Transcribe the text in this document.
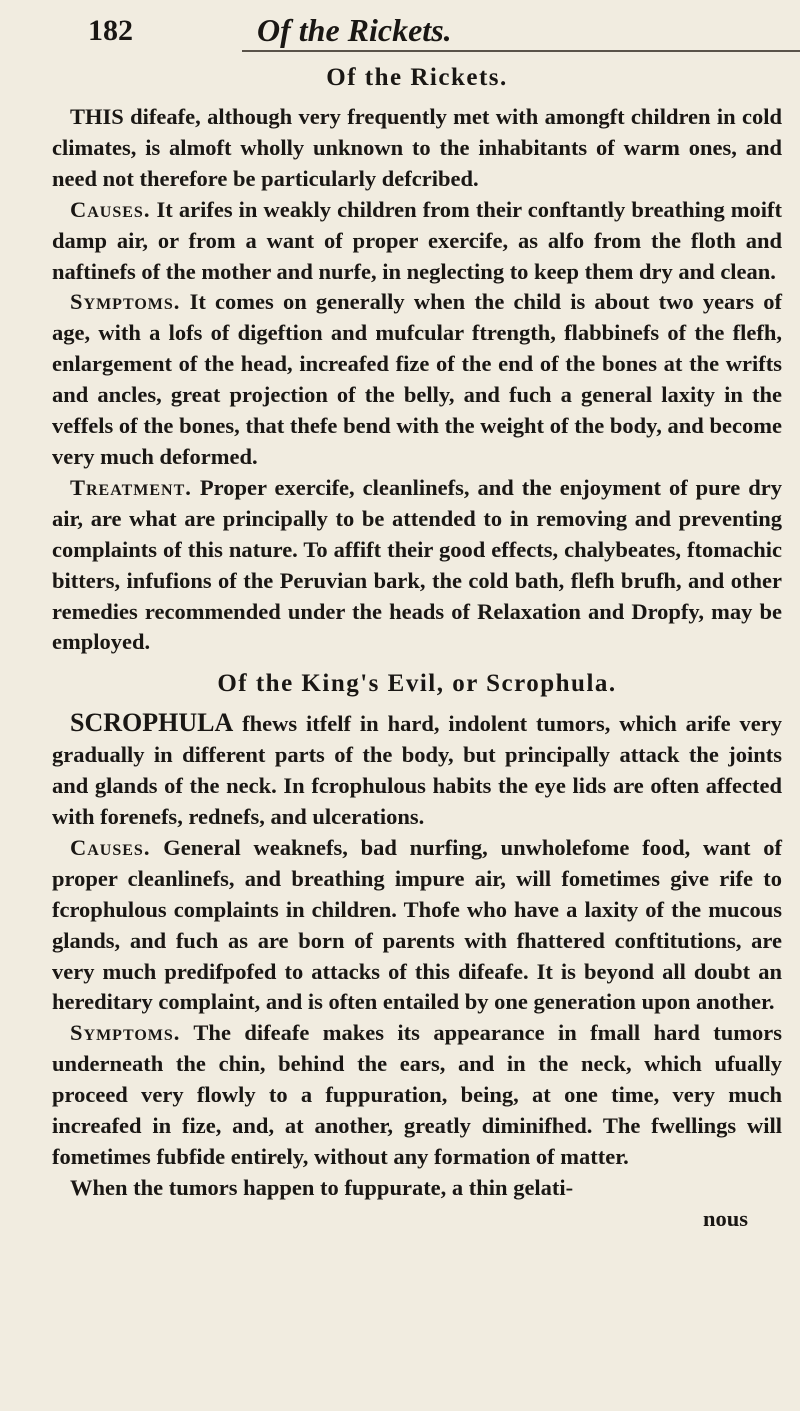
182	Of the Rickets.
Of the Rickets.

THIS difeafe, although very frequently met with amongft children in cold climates, is almoft wholly unknown to the inhabitants of warm ones, and need not therefore be particularly defcribed.

Causes. It arifes in weakly children from their conftantly breathing moift damp air, or from a want of proper exercife, as alfo from the floth and naftinefs of the mother and nurfe, in neglecting to keep them dry and clean.

Symptoms. It comes on generally when the child is about two years of age, with a lofs of digeftion and mufcular ftrength, flabbinefs of the flefh, enlargement of the head, increafed fize of the end of the bones at the wrifts and ancles, great projection of the belly, and fuch a general laxity in the veffels of the bones, that thefe bend with the weight of the body, and become very much deformed.

Treatment. Proper exercife, cleanlinefs, and the enjoyment of pure dry air, are what are principally to be attended to in removing and preventing complaints of this nature. To affift their good effects, chalybeates, ftomachic bitters, infufions of the Peruvian bark, the cold bath, flefh brufh, and other remedies recommended under the heads of Relaxation and Dropfy, may be employed.

Of the King's Evil, or Scrophula.

SCROPHULA fhews itfelf in hard, indolent tumors, which arife very gradually in different parts of the body, but principally attack the joints and glands of the neck. In fcrophulous habits the eye lids are often affected with forenefs, rednefs, and ulcerations.

Causes. General weaknefs, bad nurfing, unwholefome food, want of proper cleanlinefs, and breathing impure air, will fometimes give rife to fcrophulous complaints in children. Thofe who have a laxity of the mucous glands, and fuch as are born of parents with fhattered conftitutions, are very much predifpofed to attacks of this difeafe. It is beyond all doubt an hereditary complaint, and is often entailed by one generation upon another.

Symptoms. The difeafe makes its appearance in fmall hard tumors underneath the chin, behind the ears, and in the neck, which ufually proceed very flowly to a fuppuration, being, at one time, very much increafed in fize, and, at another, greatly diminifhed. The fwellings will fometimes fubfide entirely, without any formation of matter.

When the tumors happen to fuppurate, a thin gelati-

nous
